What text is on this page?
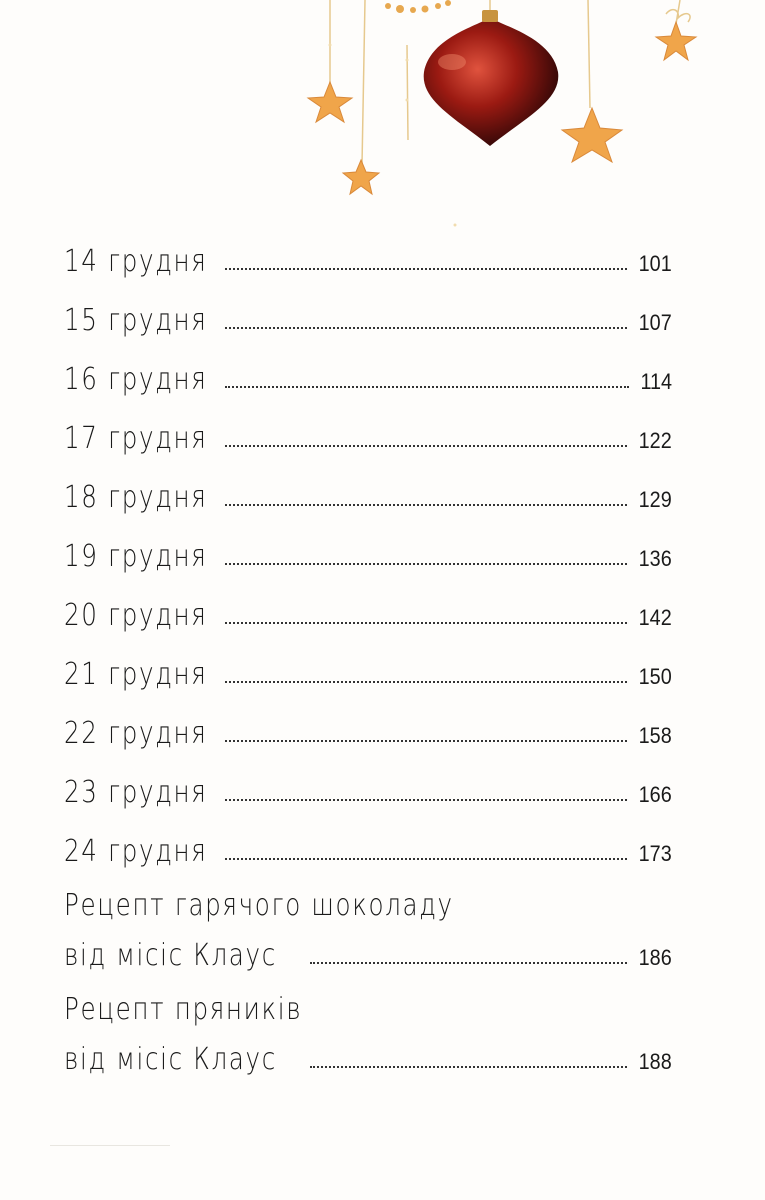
14 грудня	101
15 грудня	107
16 грудня	114
17 грудня	122
18 грудня	129
19 грудня	136
20 грудня	142
21 грудня	150
22 грудня	158
23 грудня	166
24 грудня	173
Рецепт гарячого шоколаду
від місіс Клаус	186
Рецепт пряників
від місіс Клаус	188
